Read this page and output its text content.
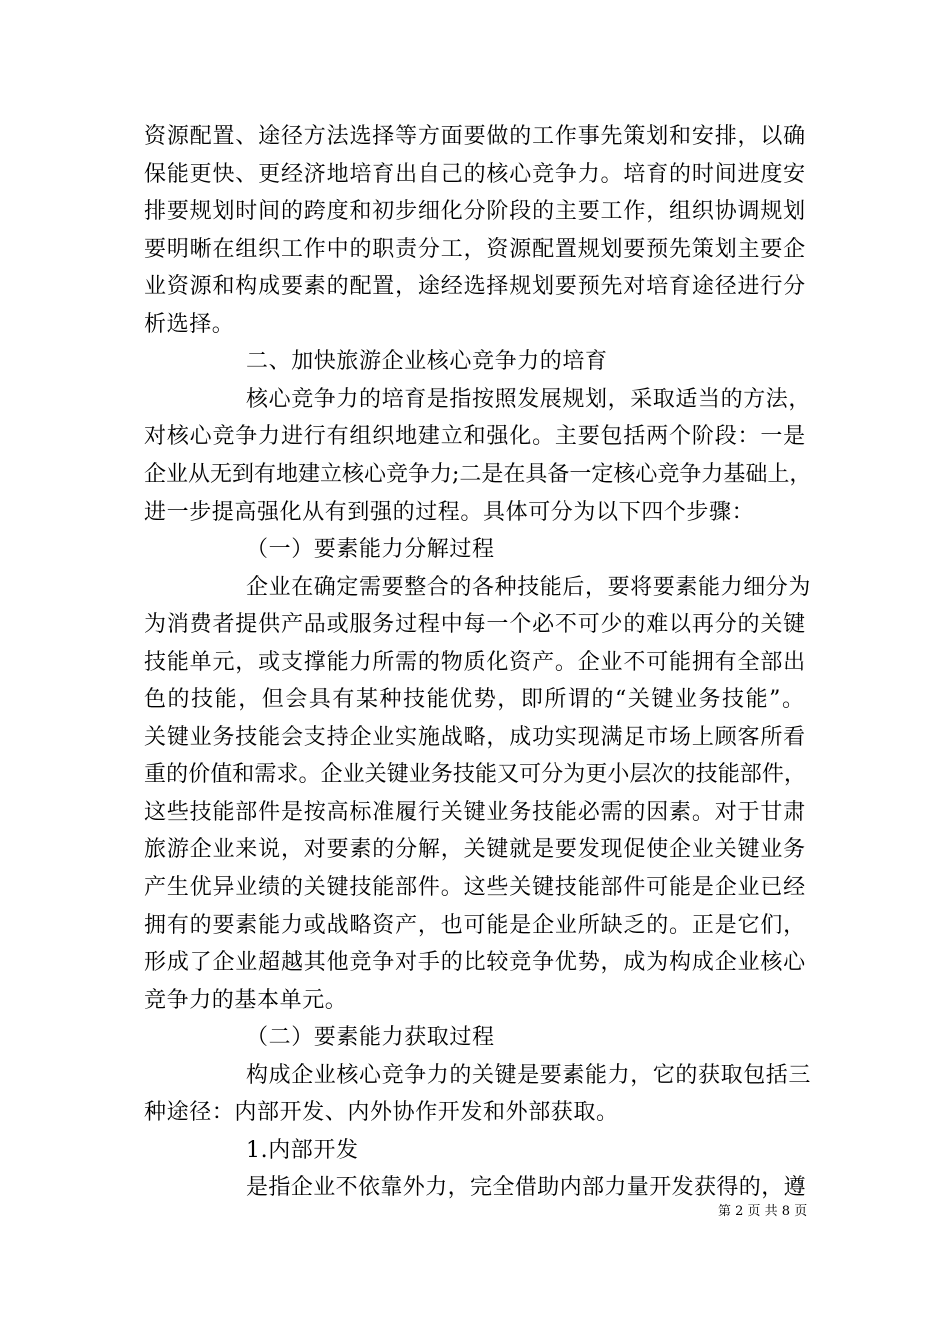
资源配置、途径方法选择等方面要做的工作事先策划和安排，以确
保能更快、更经济地培育出自己的核心竞争力。培育的时间进度安
排要规划时间的跨度和初步细化分阶段的主要工作，组织协调规划
要明晰在组织工作中的职责分工，资源配置规划要预先策划主要企
业资源和构成要素的配置，途经选择规划要预先对培育途径进行分
析选择。
二、加快旅游企业核心竞争力的培育
核心竞争力的培育是指按照发展规划，采取适当的方法，
对核心竞争力进行有组织地建立和强化。主要包括两个阶段：一是
企业从无到有地建立核心竞争力;二是在具备一定核心竞争力基础上，
进一步提高强化从有到强的过程。具体可分为以下四个步骤：
（一）要素能力分解过程
企业在确定需要整合的各种技能后，要将要素能力细分为
为消费者提供产品或服务过程中每一个必不可少的难以再分的关键
技能单元，或支撑能力所需的物质化资产。企业不可能拥有全部出
色的技能，但会具有某种技能优势，即所谓的“关键业务技能”。
关键业务技能会支持企业实施战略，成功实现满足市场上顾客所看
重的价值和需求。企业关键业务技能又可分为更小层次的技能部件，
这些技能部件是按高标准履行关键业务技能必需的因素。对于甘肃
旅游企业来说，对要素的分解，关键就是要发现促使企业关键业务
产生优异业绩的关键技能部件。这些关键技能部件可能是企业已经
拥有的要素能力或战略资产，也可能是企业所缺乏的。正是它们，
形成了企业超越其他竞争对手的比较竞争优势，成为构成企业核心
竞争力的基本单元。
（二）要素能力获取过程
构成企业核心竞争力的关键是要素能力，它的获取包括三
种途径：内部开发、内外协作开发和外部获取。
1.内部开发
是指企业不依靠外力，完全借助内部力量开发获得的，遵
第 2 页 共 8 页
